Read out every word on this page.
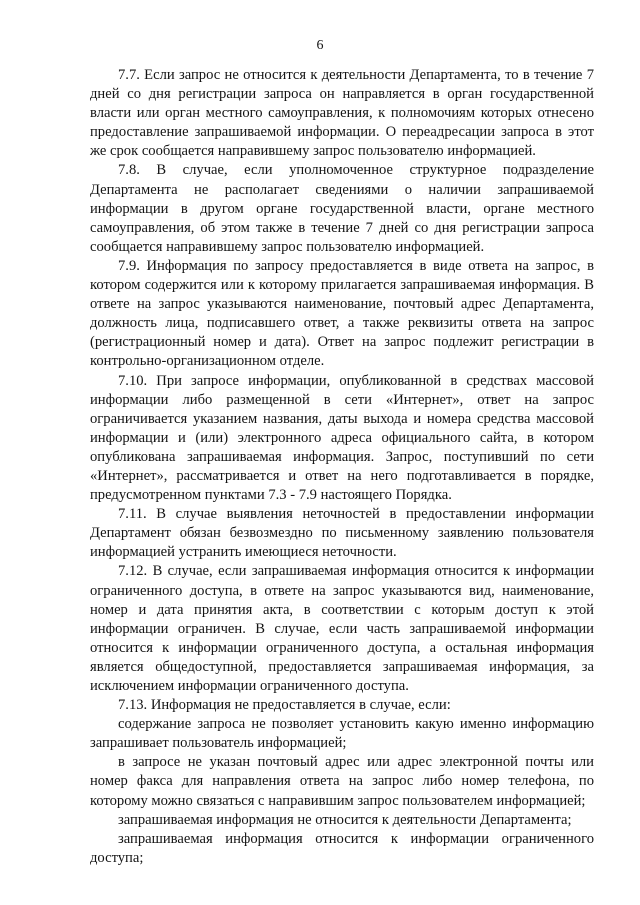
6

7.7. Если запрос не относится к деятельности Департамента, то в течение 7 дней со дня регистрации запроса он направляется в орган государственной власти или орган местного самоуправления, к полномочиям которых отнесено предоставление запрашиваемой информации. О переадресации запроса в этот же срок сообщается направившему запрос пользователю информацией.

7.8. В случае, если уполномоченное структурное подразделение Департамента не располагает сведениями о наличии запрашиваемой информации в другом органе государственной власти, органе местного самоуправления, об этом также в течение 7 дней со дня регистрации запроса сообщается направившему запрос пользователю информацией.

7.9. Информация по запросу предоставляется в виде ответа на запрос, в котором содержится или к которому прилагается запрашиваемая информация. В ответе на запрос указываются наименование, почтовый адрес Департамента, должность лица, подписавшего ответ, а также реквизиты ответа на запрос (регистрационный номер и дата). Ответ на запрос подлежит регистрации в контрольно-организационном отделе.

7.10. При запросе информации, опубликованной в средствах массовой информации либо размещенной в сети «Интернет», ответ на запрос ограничивается указанием названия, даты выхода и номера средства массовой информации и (или) электронного адреса официального сайта, в котором опубликована запрашиваемая информация. Запрос, поступивший по сети «Интернет», рассматривается и ответ на него подготавливается в порядке, предусмотренном пунктами 7.3 - 7.9 настоящего Порядка.

7.11. В случае выявления неточностей в предоставлении информации Департамент обязан безвозмездно по письменному заявлению пользователя информацией устранить имеющиеся неточности.

7.12. В случае, если запрашиваемая информация относится к информации ограниченного доступа, в ответе на запрос указываются вид, наименование, номер и дата принятия акта, в соответствии с которым доступ к этой информации ограничен. В случае, если часть запрашиваемой информации относится к информации ограниченного доступа, а остальная информация является общедоступной, предоставляется запрашиваемая информация, за исключением информации ограниченного доступа.

7.13. Информация не предоставляется в случае, если:

содержание запроса не позволяет установить какую именно информацию запрашивает пользователь информацией;

в запросе не указан почтовый адрес или адрес электронной почты или номер факса для направления ответа на запрос либо номер телефона, по которому можно связаться с направившим запрос пользователем информацией;

запрашиваемая информация не относится к деятельности Департамента;

запрашиваемая информация относится к информации ограниченного доступа;
